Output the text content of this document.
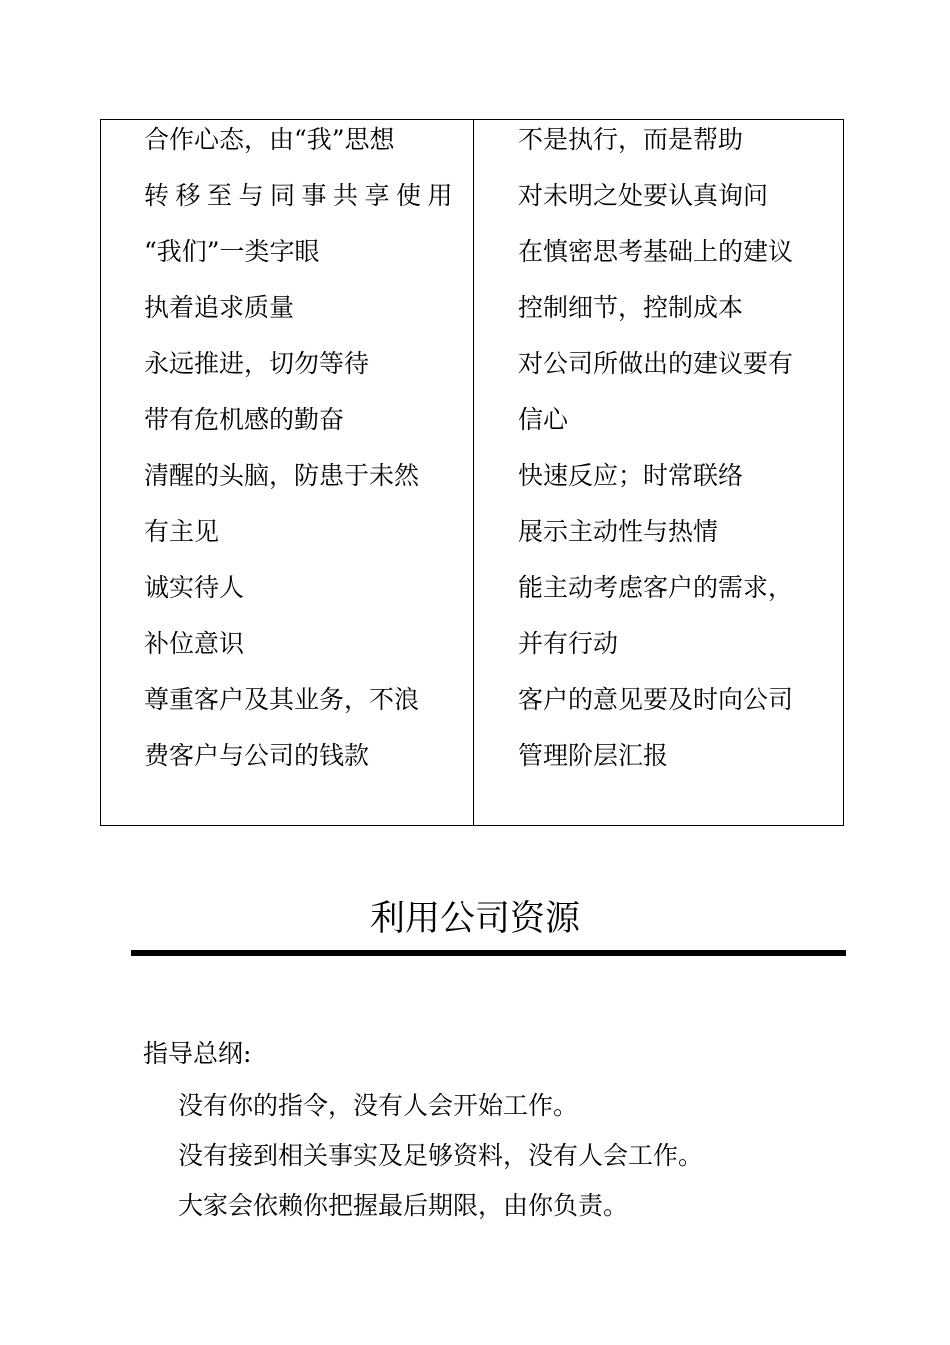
合作心态，由“我”思想
转移至与同事共享使用
“我们”一类字眼
执着追求质量
永远推进，切勿等待
带有危机感的勤奋
清醒的头脑，防患于未然
有主见
诚实待人
补位意识
尊重客户及其业务，不浪
费客户与公司的钱款
不是执行，而是帮助
对未明之处要认真询问
在慎密思考基础上的建议
控制细节，控制成本
对公司所做出的建议要有
信心
快速反应；时常联络
展示主动性与热情
能主动考虑客户的需求，
并有行动
客户的意见要及时向公司
管理阶层汇报
利用公司资源
指导总纲:
没有你的指令，没有人会开始工作。
没有接到相关事实及足够资料，没有人会工作。
大家会依赖你把握最后期限，由你负责。
